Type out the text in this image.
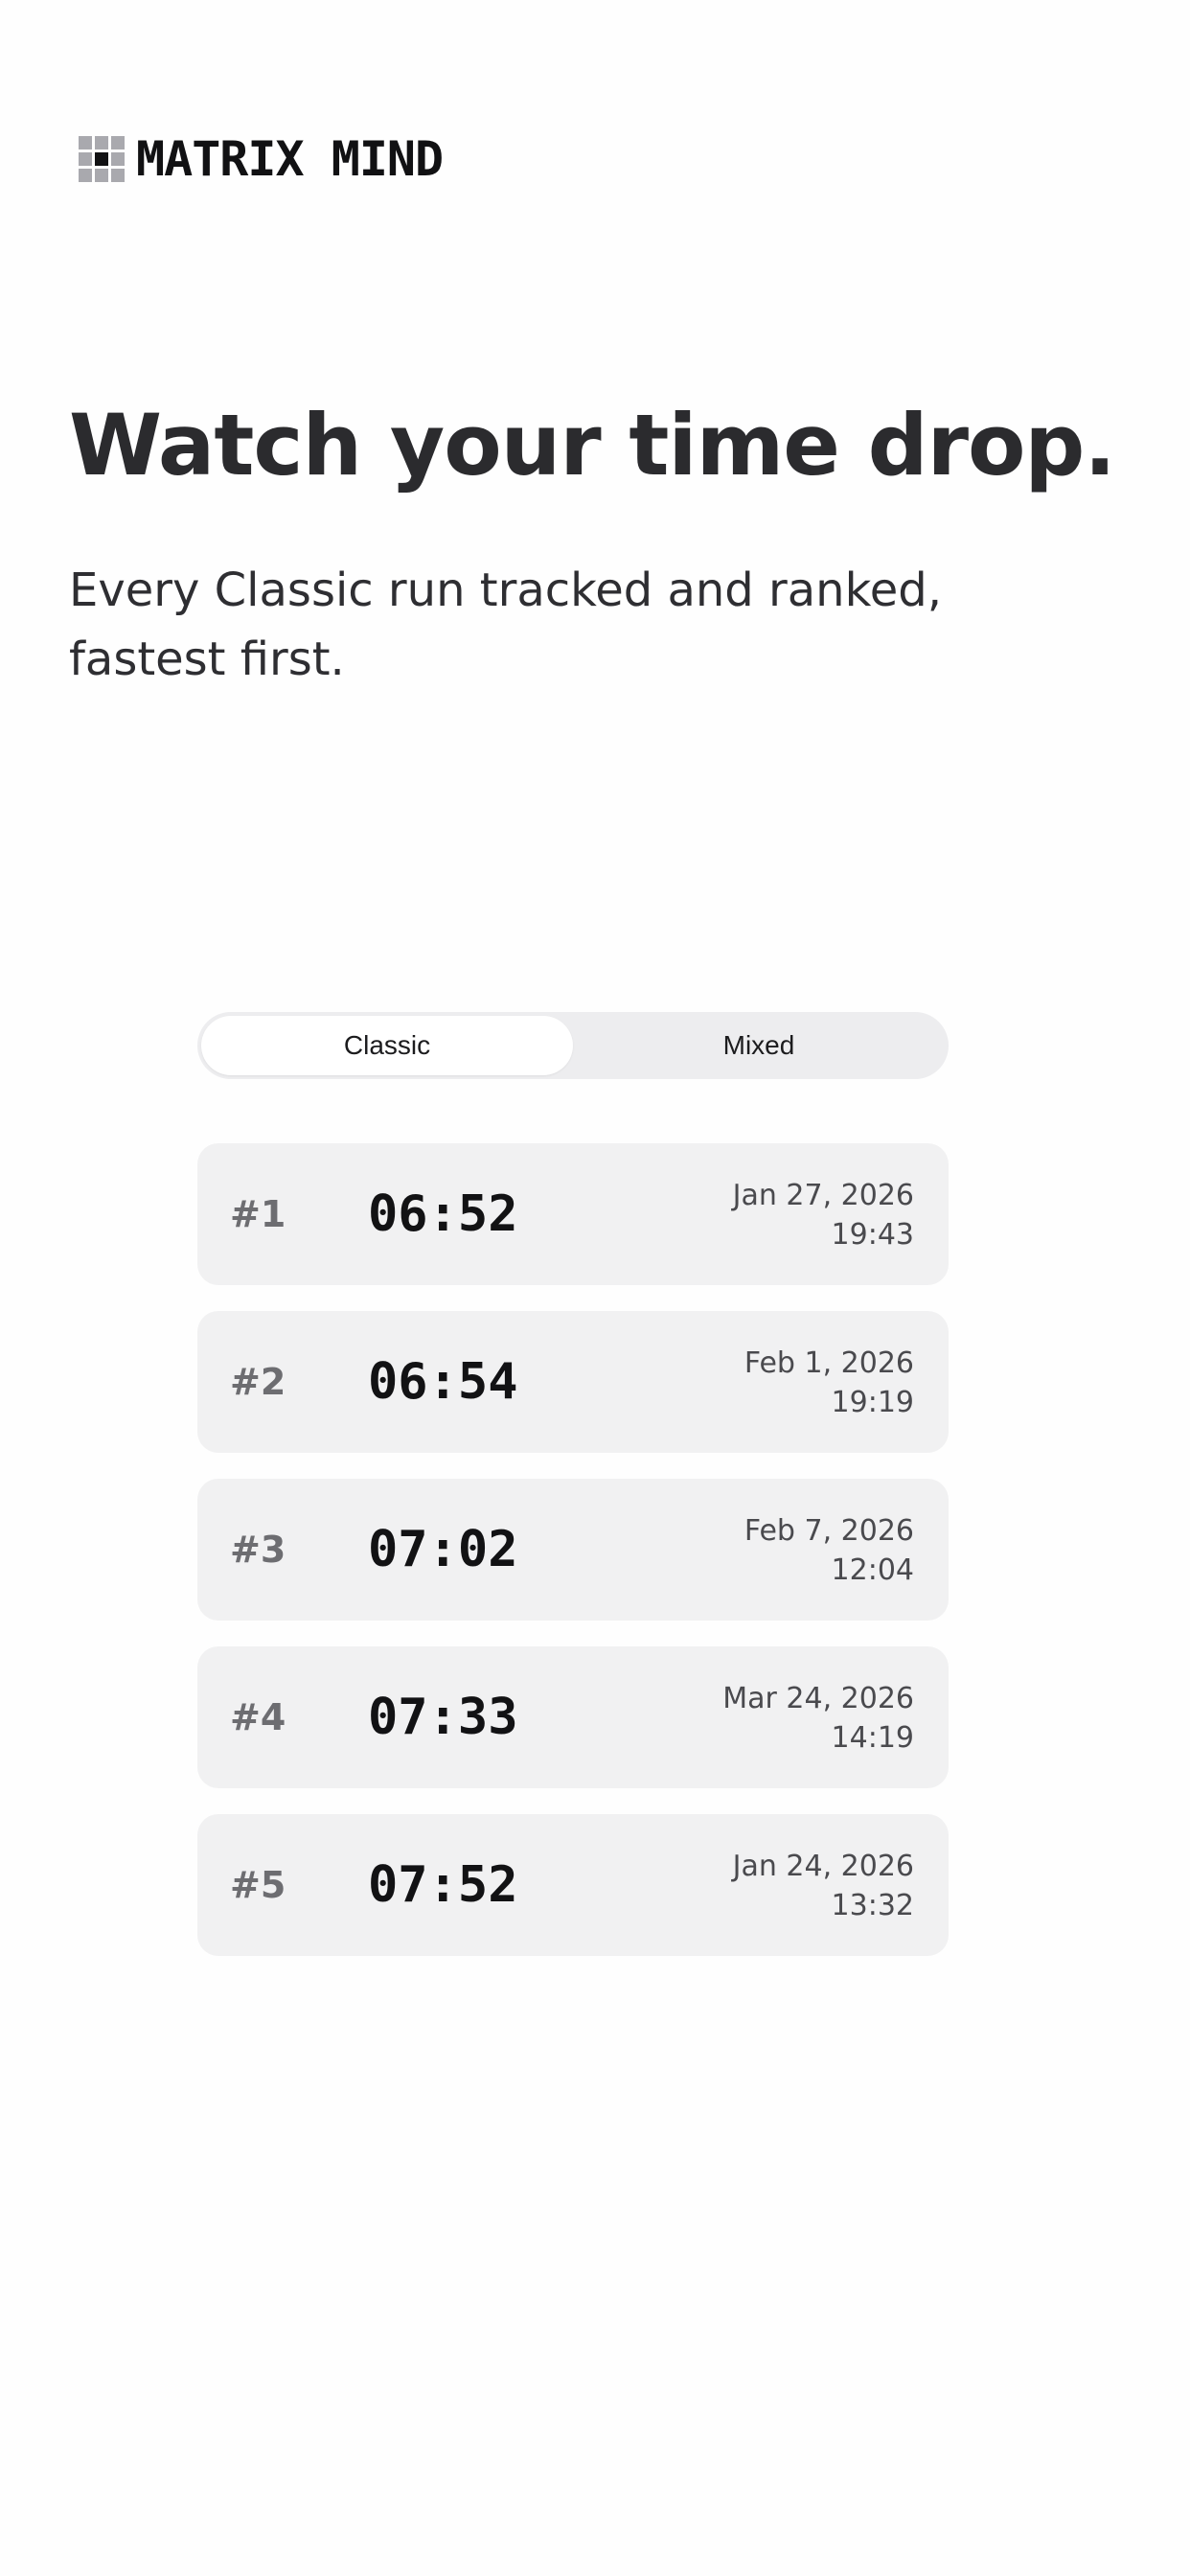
MATRIX MIND
Watch your time drop.

Every Classic run tracked and ranked, fastest first.

Classic	Mixed
#1 06:52	Jan 27, 2026
19:43
#2 06:54	Feb 1, 2026
19:19
#3 07:02	Feb 7, 2026
12:04
#4 07:33	Mar 24, 2026
14:19
#5 07:52	Jan 24, 2026
13:32
